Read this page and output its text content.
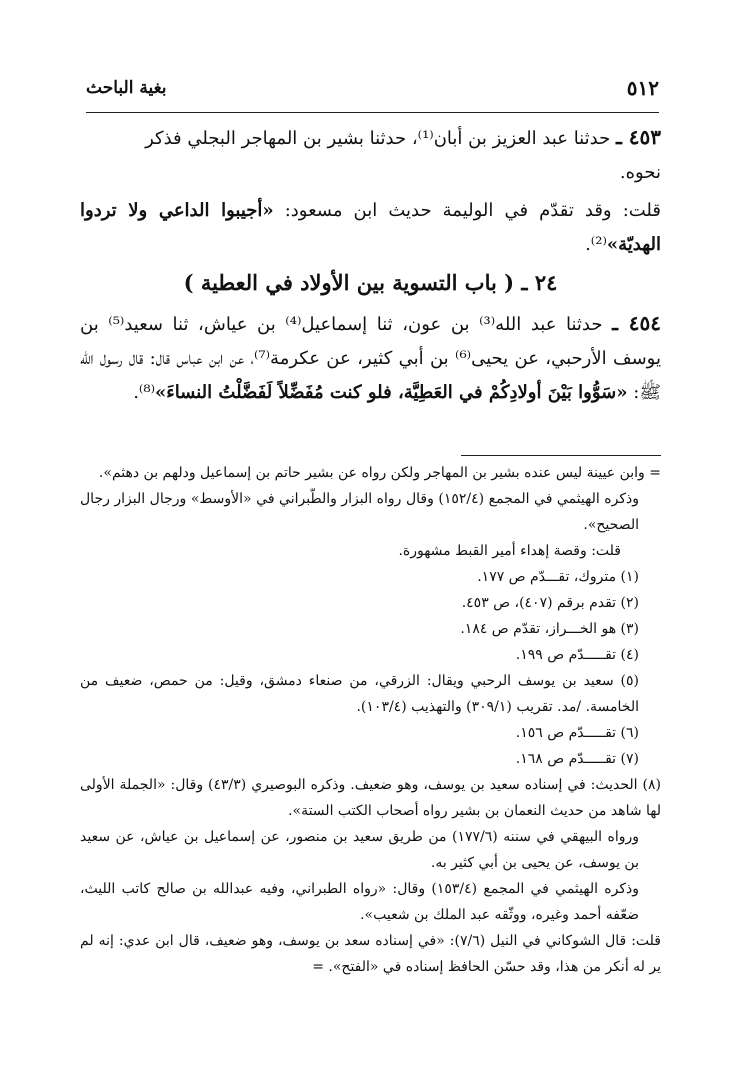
٥١٢
بغية الباحث

٤٥٣ ـ حدثنا عبد العزيز بن أبان⁽¹⁾، حدثنا بشير بن المهاجر البجلي فذكر
نحوه.

قلت: وقد تقدّم في الوليمة حديث ابن مسعود: «أجيبوا الداعي ولا تردوا الهديّة»⁽²⁾.

٢٤ ـ ( باب التسوية بين الأولاد في العطية )

٤٥٤ ـ حدثنا عبد الله⁽³⁾ بن عون، ثنا إسماعيل⁽⁴⁾ بن عياش، ثنا سعيد⁽⁵⁾ بن يوسف الأرحبي، عن يحيى⁽⁶⁾ بن أبي كثير، عن عكرمة⁽⁷⁾، عن ابن عباس قال: قال رسول الله ﷺ: «سَوُّوا بَيْنَ أولادِكُمْ في العَطِيَّة، فلو كنت مُفَضِّلاً لَفَضَّلْتُ النساءَ»⁽⁸⁾.

= وابن عيينة ليس عنده بشير بن المهاجر ولكن رواه عن بشير حاتم بن إسماعيل ودلهم بن دهثم».

وذكره الهيثمي في المجمع (١٥٢/٤) وقال رواه البزار والطّبراني في «الأوسط» ورجال البزار رجال الصحيح».

قلت: وقصة إهداء أمير القبط مشهورة.

(١) متروك، تقـــدّم ص ١٧٧.

(٢) تقدم برقم (٤٠٧)، ص ٤٥٣.

(٣) هو الخـــراز، تقدّم ص ١٨٤.

(٤) تقـــــدّم ص ١٩٩.

(٥) سعيد بن يوسف الرحبي ويقال: الزرقي، من صنعاء دمشق، وقيل: من حمص، ضعيف من الخامسة. /مد. تقريب (٣٠٩/١) والتهذيب (١٠٣/٤).

(٦) تقـــــدّم ص ١٥٦.

(٧) تقـــــدّم ص ١٦٨.

(٨) الحديث: في إسناده سعيد بن يوسف، وهو ضعيف. وذكره البوصيري (٤٣/٣) وقال: «الجملة الأولى لها شاهد من حديث النعمان بن بشير رواه أصحاب الكتب الستة».

ورواه البيهقي في سننه (١٧٧/٦) من طريق سعيد بن منصور، عن إسماعيل بن عياش، عن سعيد بن يوسف، عن يحيى بن أبي كثير به.

وذكره الهيثمي في المجمع (١٥٣/٤) وقال: «رواه الطبراني، وفيه عبدالله بن صالح كاتب الليث، ضعّفه أحمد وغيره، ووثّقه عبد الملك بن شعيب».

قلت: قال الشوكاني في النيل (٧/٦): «في إسناده سعد بن يوسف، وهو ضعيف، قال ابن عدي: إنه لم ير له أنكر من هذا، وقد حسّن الحافظ إسناده في «الفتح». =
